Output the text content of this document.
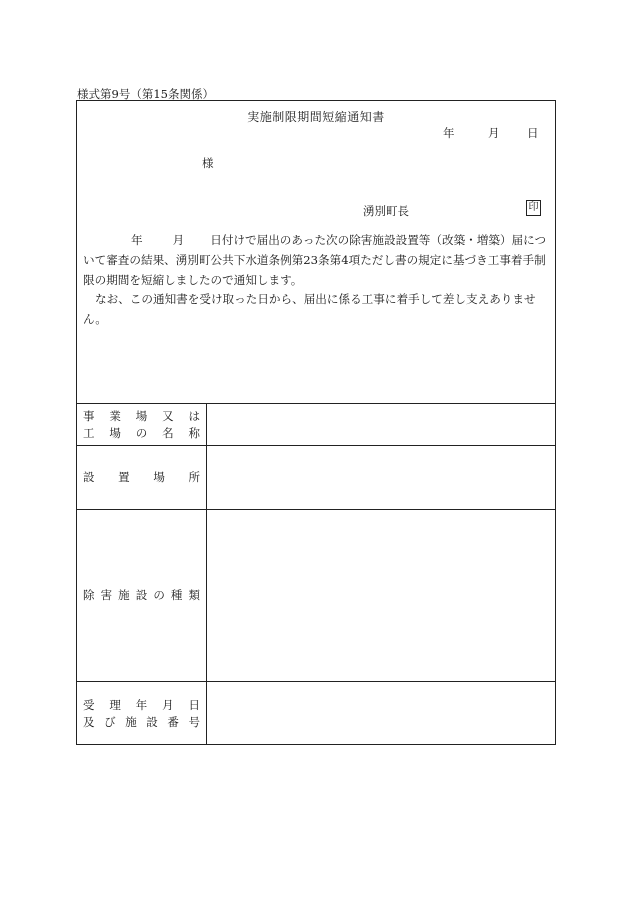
様式第9号（第15条関係）
実施制限期間短縮通知書
年	月	日
様
湧別町長	印

年	月 日付けで届出のあった次の除害施設設置等（改築・増築）届について審査の結果、湧別町公共下水道条例第23条第4項ただし書の規定に基づき工事着手制限の期間を短縮しましたので通知します。

なお、この通知書を受け取った日から、届出に係る工事に着手して差し支えありません。

事 業 場 又 は
工 場 の 名 称
設 置 場 所
除 害 施 設 の 種 類
受 理 年 月 日
及 び 施 設 番 号
